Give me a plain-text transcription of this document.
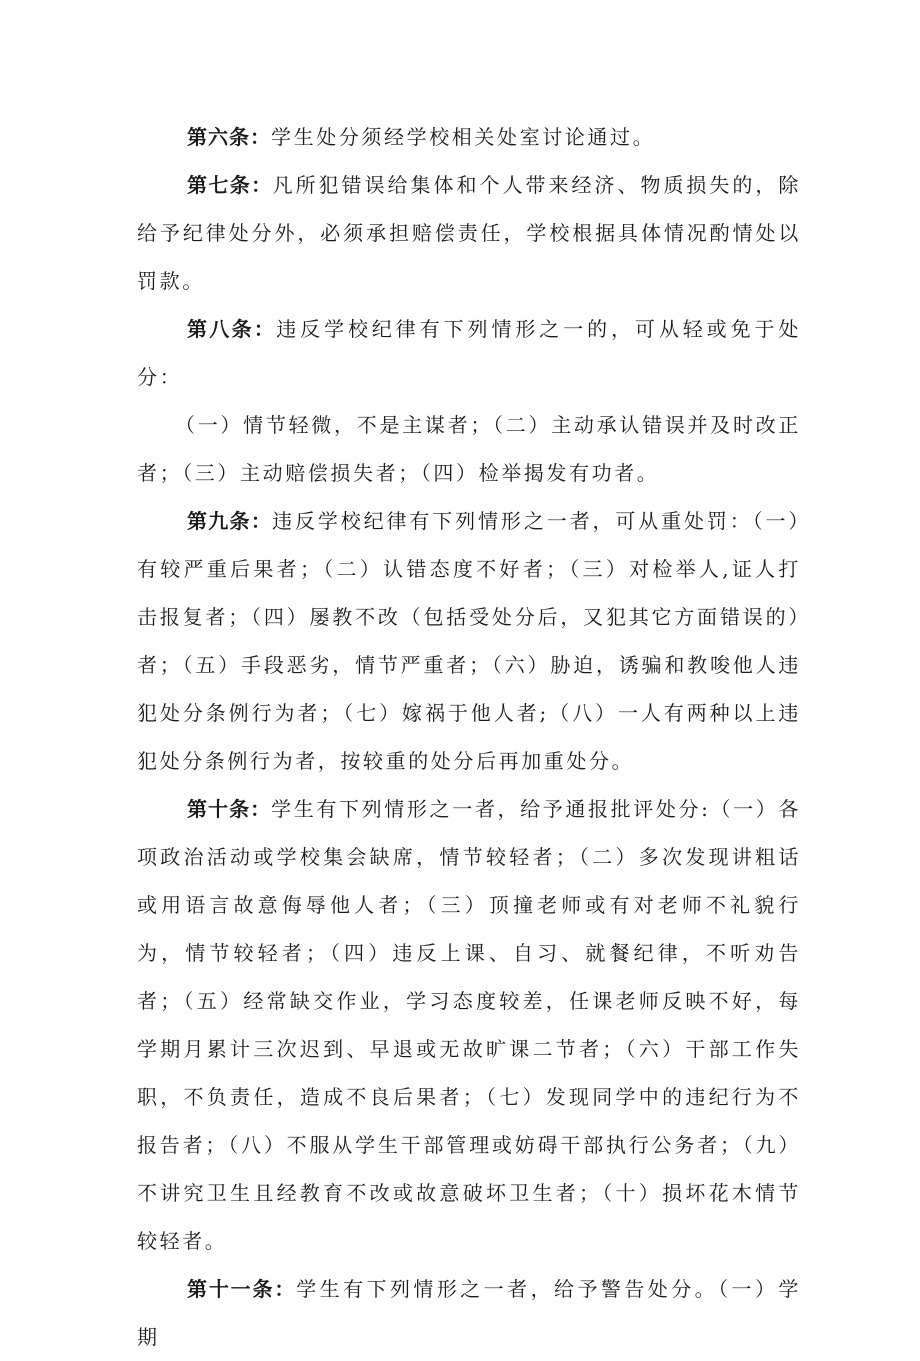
第六条：学生处分须经学校相关处室讨论通过。

第七条：凡所犯错误给集体和个人带来经济、物质损失的，除给予纪律处分外，必须承担赔偿责任，学校根据具体情况酌情处以罚款。

第八条：违反学校纪律有下列情形之一的，可从轻或免于处分：

（一）情节轻微，不是主谋者；（二）主动承认错误并及时改正者；（三）主动赔偿损失者；（四）检举揭发有功者。

第九条：违反学校纪律有下列情形之一者，可从重处罚：（一）有较严重后果者；（二）认错态度不好者；（三）对检举人,证人打击报复者；（四）屡教不改（包括受处分后，又犯其它方面错误的）者；（五）手段恶劣，情节严重者；（六）胁迫，诱骗和教唆他人违犯处分条例行为者；（七）嫁祸于他人者;（八）一人有两种以上违犯处分条例行为者，按较重的处分后再加重处分。

第十条：学生有下列情形之一者，给予通报批评处分:（一）各项政治活动或学校集会缺席，情节较轻者；（二）多次发现讲粗话或用语言故意侮辱他人者；（三）顶撞老师或有对老师不礼貌行为，情节较轻者；（四）违反上课、自习、就餐纪律，不听劝告者；（五）经常缺交作业，学习态度较差，任课老师反映不好，每学期月累计三次迟到、早退或无故旷课二节者；（六）干部工作失职，不负责任，造成不良后果者；（七）发现同学中的违纪行为不报告者；（八）不服从学生干部管理或妨碍干部执行公务者；（九）不讲究卫生且经教育不改或故意破坏卫生者；（十）损坏花木情节较轻者。

第十一条：学生有下列情形之一者，给予警告处分。（一）学期
